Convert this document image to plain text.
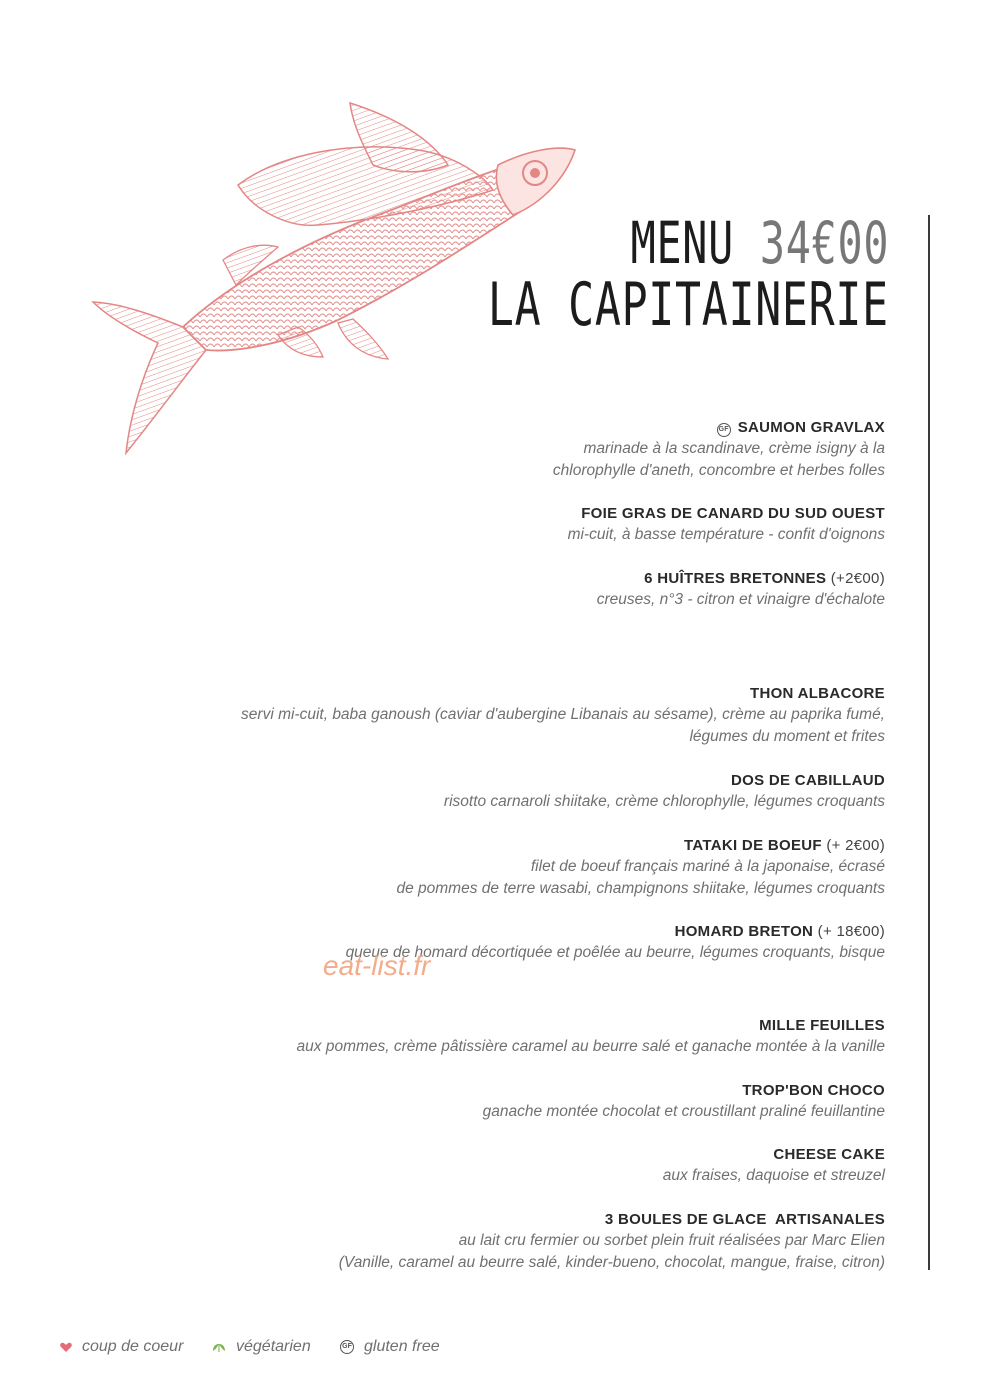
MENU 34€00
LA CAPITAINERIE
GF SAUMON GRAVLAX
marinade à la scandinave, crème isigny à la
chlorophylle d'aneth, concombre et herbes folles
FOIE GRAS DE CANARD DU SUD OUEST
mi-cuit, à basse température - confit d'oignons
6 HUÎTRES BRETONNES (+2€00)
creuses, n°3 - citron et vinaigre d'échalote
THON ALBACORE
servi mi-cuit, baba ganoush (caviar d'aubergine Libanais au sésame), crème au paprika fumé,
légumes du moment et frites
DOS DE CABILLAUD
risotto carnaroli shiitake, crème chlorophylle, légumes croquants
TATAKI DE BOEUF (+ 2€00)
filet de boeuf français mariné à la japonaise, écrasé
de pommes de terre wasabi, champignons shiitake, légumes croquants
HOMARD BRETON (+ 18€00)
queue de homard décortiquée et poêlée au beurre, légumes croquants, bisque
MILLE FEUILLES
aux pommes, crème pâtissière caramel au beurre salé et ganache montée à la vanille
TROP'BON CHOCO
ganache montée chocolat et croustillant praliné feuillantine
CHEESE CAKE
aux fraises, daquoise et streuzel
3 BOULES DE GLACE  ARTISANALES
au lait cru fermier ou sorbet plein fruit réalisées par Marc Elien
(Vanille, caramel au beurre salé, kinder-bueno, chocolat, mangue, fraise, citron)
eat-list.fr
coup de coeur	végétarien	GF gluten free
